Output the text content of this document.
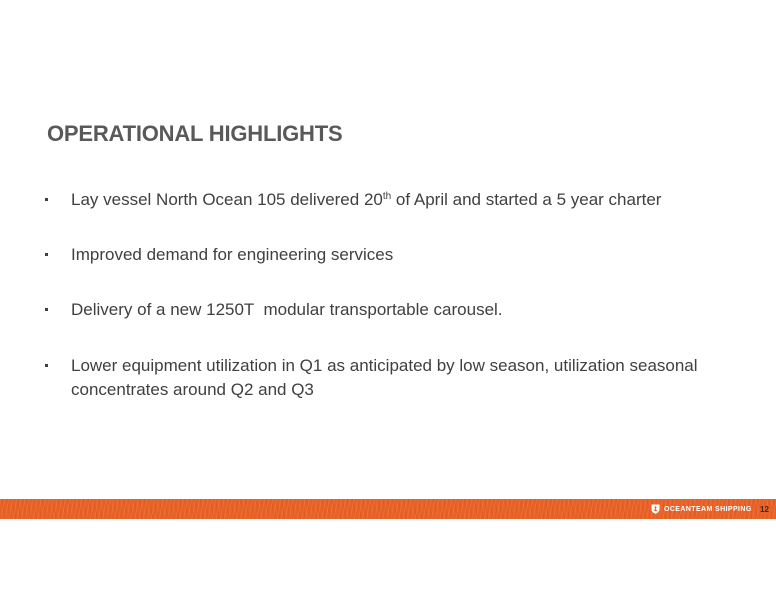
OPERATIONAL HIGHLIGHTS
Lay vessel North Ocean 105 delivered 20th of April and started a 5 year charter
Improved demand for engineering services
Delivery of a new 1250T  modular transportable carousel.
Lower equipment utilization in Q1 as anticipated by low season, utilization seasonal concentrates around Q2 and Q3
OCEANTEAM SHIPPING 12
